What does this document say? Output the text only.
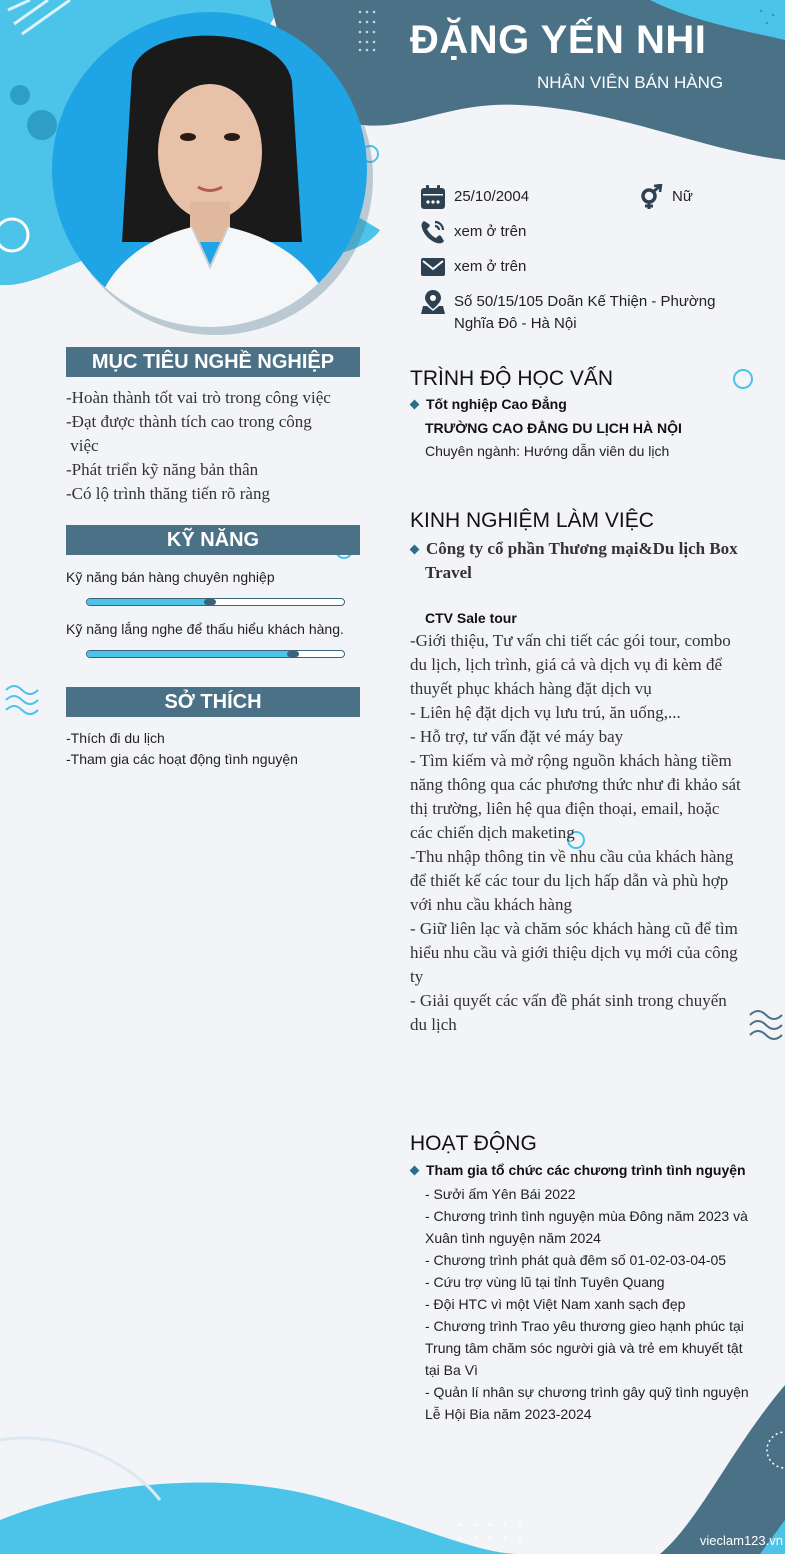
ĐẶNG YẾN NHI
NHÂN VIÊN BÁN HÀNG
25/10/2004	Nữ
xem ở trên
xem ở trên
Số 50/15/105 Doãn Kế Thiện - Phường
Nghĩa Đô - Hà Nội
MỤC TIÊU NGHỀ NGHIỆP
-Hoàn thành tốt vai trò trong công việc
-Đạt được thành tích cao trong công
việc
-Phát triển kỹ năng bản thân
-Có lộ trình thăng tiến rõ ràng
KỸ NĂNG
Kỹ năng bán hàng chuyên nghiệp
Kỹ năng lắng nghe để thấu hiểu khách hàng.
SỞ THÍCH
-Thích đi du lịch
-Tham gia các hoạt động tình nguyện
TRÌNH ĐỘ HỌC VẤN
Tốt nghiệp Cao Đẳng
TRƯỜNG CAO ĐẲNG DU LỊCH HÀ NỘI
Chuyên ngành: Hướng dẫn viên du lịch
KINH NGHIỆM LÀM VIỆC
Công ty cổ phần Thương mại&Du lịch Box
Travel
CTV Sale tour
-Giới thiệu, Tư vấn chi tiết các gói tour, combo
du lịch, lịch trình, giá cả và dịch vụ đi kèm để
thuyết phục khách hàng đặt dịch vụ
- Liên hệ đặt dịch vụ lưu trú, ăn uống,...
- Hỗ trợ, tư vấn đặt vé máy bay
- Tìm kiếm và mở rộng nguồn khách hàng tiềm
năng thông qua các phương thức như đi khảo sát
thị trường, liên hệ qua điện thoại, email, hoặc
các chiến dịch maketing
-Thu nhập thông tin về nhu cầu của khách hàng
để thiết kế các tour du lịch hấp dẫn và phù hợp
với nhu cầu khách hàng
- Giữ liên lạc và chăm sóc khách hàng cũ để tìm
hiểu nhu cầu và giới thiệu dịch vụ mới của công
ty
- Giải quyết các vấn đề phát sinh trong chuyến
du lịch
HOẠT ĐỘNG
Tham gia tổ chức các chương trình tình nguyện
- Sưởi ấm Yên Bái 2022
- Chương trình tình nguyện mùa Đông năm 2023 và
Xuân tình nguyện năm 2024
- Chương trình phát quà đêm số 01-02-03-04-05
- Cứu trợ vùng lũ tại tỉnh Tuyên Quang
- Đội HTC vì một Việt Nam xanh sạch đẹp
- Chương trình Trao yêu thương gieo hạnh phúc tại
Trung tâm chăm sóc người già và trẻ em khuyết tật
tại Ba Vì
- Quản lí nhân sự chương trình gây quỹ tình nguyện
Lễ Hội Bia năm 2023-2024
vieclam123.vn
